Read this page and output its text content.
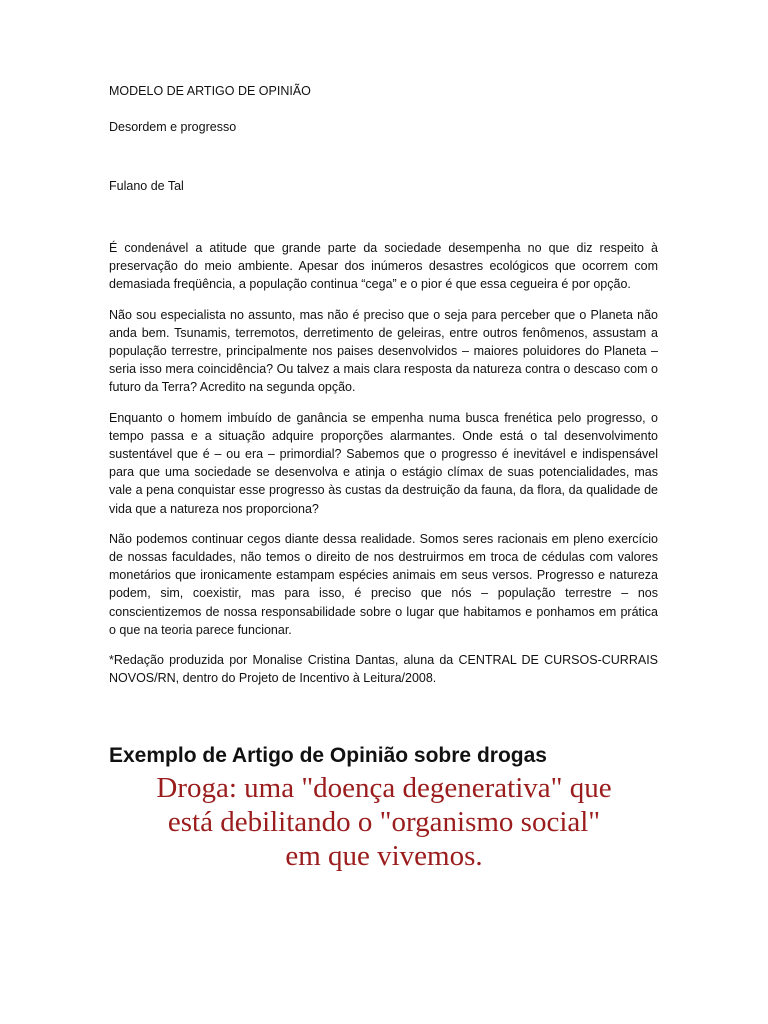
MODELO DE ARTIGO DE OPINIÃO

Desordem e progresso

Fulano de Tal

É condenável a atitude que grande parte da sociedade desempenha no que diz respeito à preservação do meio ambiente. Apesar dos inúmeros desastres ecológicos que ocorrem com demasiada freqüência, a população continua “cega” e o pior é que essa cegueira é por opção.

Não sou especialista no assunto, mas não é preciso que o seja para perceber que o Planeta não anda bem. Tsunamis, terremotos, derretimento de geleiras, entre outros fenômenos, assustam a população terrestre, principalmente nos paises desenvolvidos – maiores poluidores do Planeta – seria isso mera coincidência? Ou talvez a mais clara resposta da natureza contra o descaso com o futuro da Terra? Acredito na segunda opção.

Enquanto o homem imbuído de ganância se empenha numa busca frenética pelo progresso, o tempo passa e a situação adquire proporções alarmantes. Onde está o tal desenvolvimento sustentável que é – ou era – primordial? Sabemos que o progresso é inevitável e indispensável para que uma sociedade se desenvolva e atinja o estágio clímax de suas potencialidades, mas vale a pena conquistar esse progresso às custas da destruição da fauna, da flora, da qualidade de vida que a natureza nos proporciona?

Não podemos continuar cegos diante dessa realidade. Somos seres racionais em pleno exercício de nossas faculdades, não temos o direito de nos destruirmos em troca de cédulas com valores monetários que ironicamente estampam espécies animais em seus versos. Progresso e natureza podem, sim, coexistir, mas para isso, é preciso que nós – população terrestre – nos conscientizemos de nossa responsabilidade sobre o lugar que habitamos e ponhamos em prática o que na teoria parece funcionar.

*Redação produzida por Monalise Cristina Dantas, aluna da CENTRAL DE CURSOS-CURRAIS NOVOS/RN, dentro do Projeto de Incentivo à Leitura/2008.

Exemplo de Artigo de Opinião sobre drogas
Droga: uma "doença degenerativa" que
está debilitando o "organismo social"
em que vivemos.
